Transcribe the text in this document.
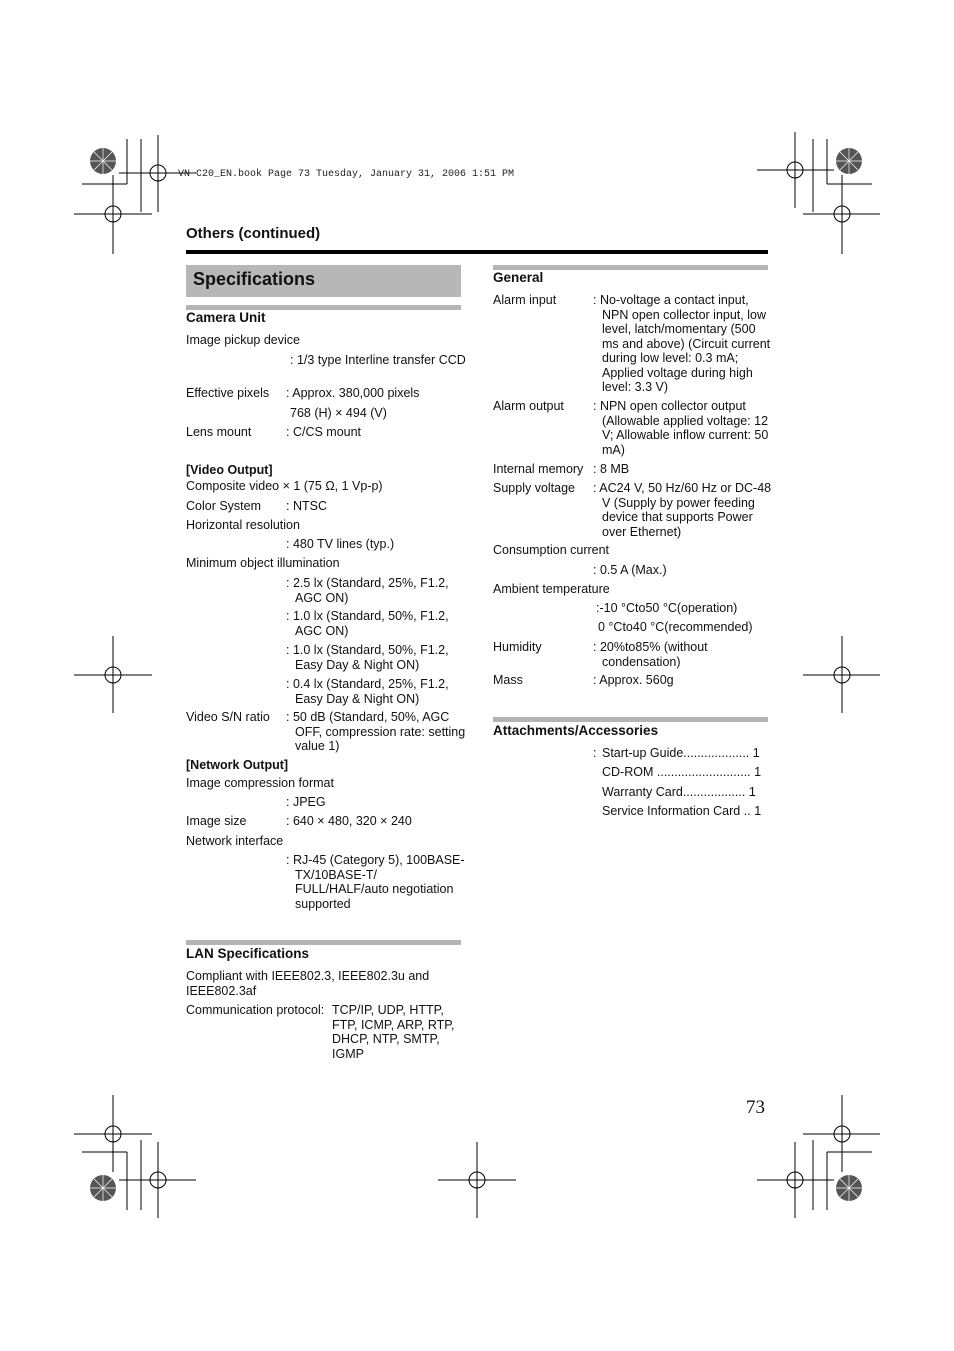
VN-C20_EN.book Page 73 Tuesday, January 31, 2006 1:51 PM
Others (continued)
Specifications
Camera Unit
Image pickup device
: 1/3 type Interline transfer CCD
Effective pixels : Approx. 380,000 pixels
768 (H) × 494 (V)
Lens mount	: C/CS mount
[Video Output]
Composite video × 1 (75 Ω, 1 Vp-p)
Color System : NTSC
Horizontal resolution
: 480 TV lines (typ.)
Minimum object illumination
: 2.5 lx (Standard, 25%, F1.2, AGC ON)
: 1.0 lx (Standard, 50%, F1.2, AGC ON)
: 1.0 lx (Standard, 50%, F1.2, Easy Day & Night ON)
: 0.4 lx (Standard, 25%, F1.2, Easy Day & Night ON)
Video S/N ratio : 50 dB (Standard, 50%, AGC OFF, compression rate: setting value 1)
[Network Output]
Image compression format
: JPEG
Image size	: 640 × 480, 320 × 240
Network interface
: RJ-45 (Category 5), 100BASE-TX/10BASE-T/ FULL/HALF/auto negotiation supported
LAN Specifications
Compliant with IEEE802.3, IEEE802.3u and IEEE802.3af
Communication protocol: TCP/IP, UDP, HTTP, FTP, ICMP, ARP, RTP, DHCP, NTP, SMTP, IGMP
General
Alarm input	: No-voltage a contact input, NPN open collector input, low level, latch/momentary (500 ms and above) (Circuit current during low level: 0.3 mA; Applied voltage during high level: 3.3 V)
Alarm output : NPN open collector output (Allowable applied voltage: 12 V; Allowable inflow current: 50 mA)
Internal memory : 8 MB
Supply voltage : AC24 V, 50 Hz/60 Hz or DC-48 V (Supply by power feeding device that supports Power over Ethernet)
Consumption current
: 0.5 A (Max.)
Ambient temperature
:-10 °Cto50 °C(operation)
0 °Cto40 °C(recommended)
Humidity	: 20%to85% (without condensation)
Mass	: Approx. 560g
Attachments/Accessories
: Start-up Guide................... 1
CD-ROM ........................... 1
Warranty Card.................. 1
Service Information Card .. 1
73
